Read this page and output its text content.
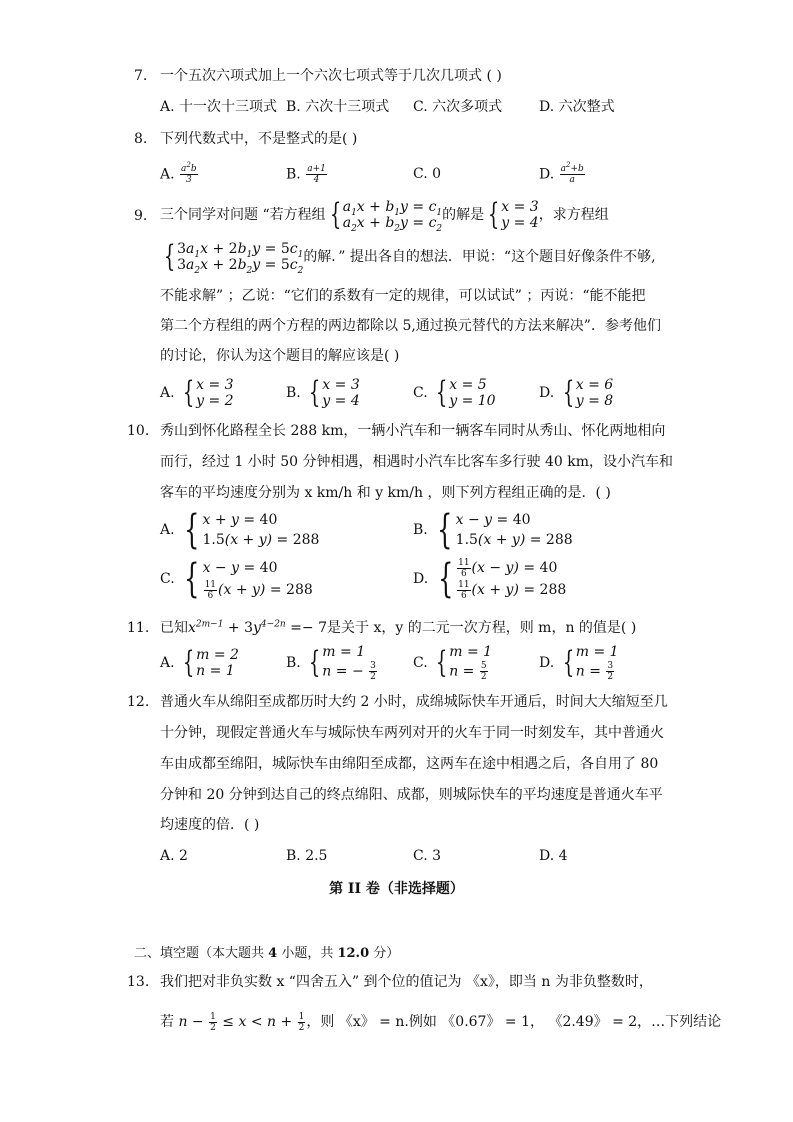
7. 一个五次六项式加上一个六次七项式等于几次几项式 ( )
A. 十一次十三项式 B. 六次十三项式 C. 六次多项式	D. 六次整式
8. 下列代数式中，不是整式的是( )
A. $\frac{a^2b}{3}$	B. $\frac{a+1}{4}$	C. 0	D. $\frac{a^2+b}{a}$
9. 三个同学对问题 “若方程组 { $a_1x + b_1y = c_1$
$a_2x + b_2y = c_2$
的解是 { x = 3
y = 4 ，求方程组
{ $3a_1x + 2b_1y = 5c_1$
$3a_2x + 2b_2y = 5c_2$
的解．” 提出各自的想法．甲说：“这个题目好像条件不够,
不能求解” ；乙说：“它们的系数有一定的规律，可以试试” ；丙说：“能不能把
第二个方程组的两个方程的两边都除以 5,通过换元替代的方法来解决”．参考他们
的讨论，你认为这个题目的解应该是( )
A. { x = 3
y = 2	B. { x = 3
y = 4	C. { x = 5
y = 10	D. { x = 6
y = 8
10. 秀山到怀化路程全长 288 km，一辆小汽车和一辆客车同时从秀山、怀化两地相向
而行，经过 1 小时 50 分钟相遇，相遇时小汽车比客车多行驶 40 km，设小汽车和
客车的平均速度分别为 x km/h 和 y km/h ，则下列方程组正确的是．( )
A. { x + y = 40
1.5(x + y) = 288
B. { x − y = 40
1.5(x + y) = 288
C. { x − y = 40
$\frac{11}{6} (x + y) = 288$
D. { $\frac{11}{6} (x - y) = 40$
$\frac{11}{6} (x + y) = 288$
11. 已知$x^{2m-1} + 3y^{4-2n} =- 7$是关于 x，y 的二元一次方程，则 m，n 的值是( )
A. { m = 2
n = 1	B. { m = 1
n = − $\frac{3}{2}$	C. { m = 1
$n = \frac{5}{2}$	D. { m = 1
$n = \frac{3}{2}$
12. 普通火车从绵阳至成都历时大约 2 小时，成绵城际快车开通后，时间大大缩短至几
十分钟，现假定普通火车与城际快车两列对开的火车于同一时刻发车，其中普通火
车由成都至绵阳，城际快车由绵阳至成都，这两车在途中相遇之后，各自用了 80
分钟和 20 分钟到达自己的终点绵阳、成都，则城际快车的平均速度是普通火车平
均速度的倍．( )
A. 2	B. 2.5	C. 3	D. 4
第 II 卷（非选择题）
二、填空题（本大题共 4 小题，共 12.0 分）
13. 我们把对非负实数 x “四舍五入” 到个位的值记为 《x》，即当 n 为非负整数时，
若 $n - \frac{1}{2} \le x < n + \frac{1}{2}$ ，则 《x》 = n.例如 《0.67》 = 1， 《2.49》 = 2，…下列结论
